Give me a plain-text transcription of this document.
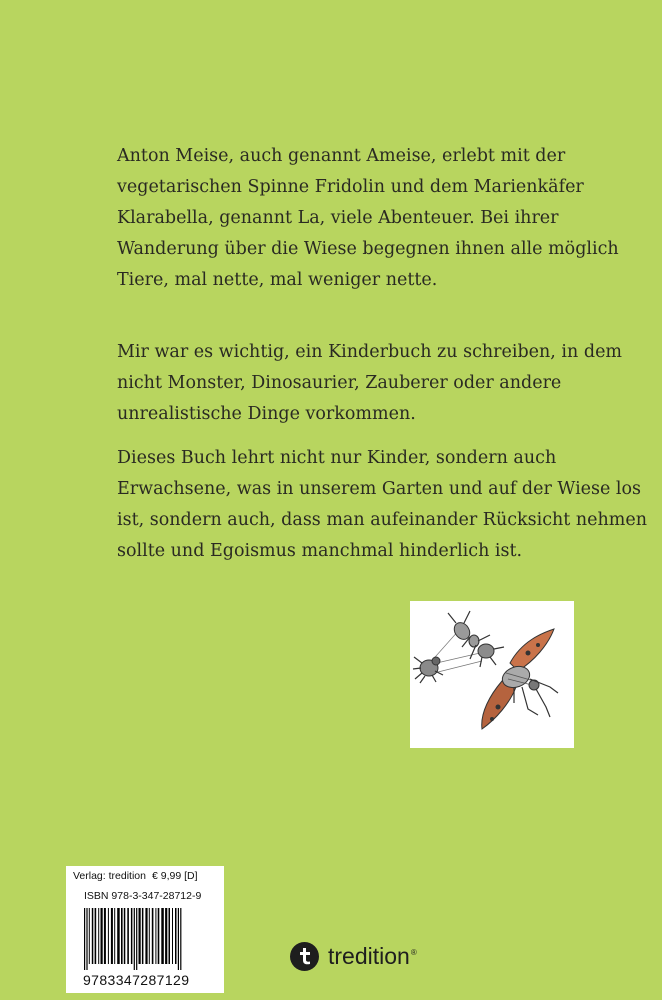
Anton Meise, auch genannt Ameise, erlebt mit der
vegetarischen Spinne Fridolin und dem Marienkäfer
Klarabella, genannt La, viele Abenteuer. Bei ihrer
Wanderung über die Wiese begegnen ihnen alle möglich
Tiere, mal nette, mal weniger nette.
Mir war es wichtig, ein Kinderbuch zu schreiben, in dem
nicht Monster, Dinosaurier, Zauberer oder andere
unrealistische Dinge vorkommen.
Dieses Buch lehrt nicht nur Kinder, sondern auch
Erwachsene, was in unserem Garten und auf der Wiese los
ist, sondern auch, dass man aufeinander Rücksicht nehmen
sollte und Egoismus manchmal hinderlich ist.
Verlag: tredition € 9,99 [D]
ISBN 978-3-347-28712-9
9783347287129
tredition ®
